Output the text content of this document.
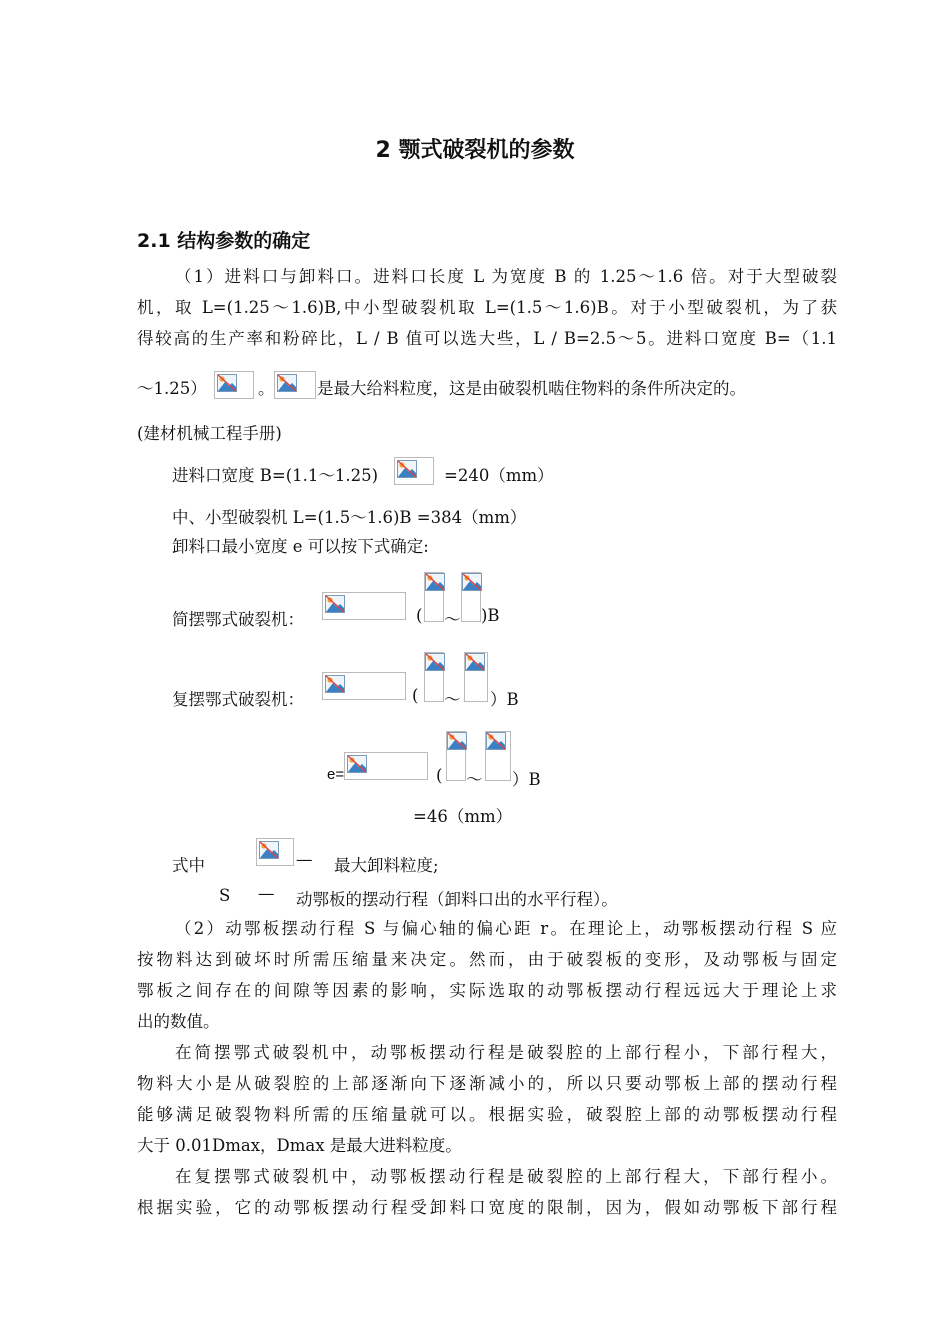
2 颚式破裂机的参数
2.1 结构参数的确定
（1）进料口与卸料口。进料口长度 L 为宽度 B 的 1.25～1.6 倍。对于大型破裂
机，取 L=(1.25～1.6)B,中小型破裂机取 L=(1.5～1.6)B。对于小型破裂机，为了获
得较高的生产率和粉碎比，L / B 值可以选大些，L / B=2.5～5。进料口宽度 B=（1.1
～1.25）	。	是最大给料粒度，这是由破裂机啮住物料的条件所决定的。
(建材机械工程手册)
进料口宽度 B=(1.1～1.25)	=240（mm）
中、小型破裂机 L=(1.5～1.6)B =384（mm）
卸料口最小宽度 e 可以按下式确定:
简摆鄂式破裂机：	( ～ )B
复摆鄂式破裂机：	( ～ ）B
e=	( ～ ）B
=46（mm）
式中	— 最大卸料粒度;
S — 动鄂板的摆动行程（卸料口出的水平行程）。
（2）动鄂板摆动行程 S 与偏心轴的偏心距 r。在理论上，动鄂板摆动行程 S 应
按物料达到破坏时所需压缩量来决定。然而，由于破裂板的变形，及动鄂板与固定
鄂板之间存在的间隙等因素的影响，实际选取的动鄂板摆动行程远远大于理论上求
出的数值。
在简摆鄂式破裂机中，动鄂板摆动行程是破裂腔的上部行程小，下部行程大，
物料大小是从破裂腔的上部逐渐向下逐渐减小的，所以只要动鄂板上部的摆动行程
能够满足破裂物料所需的压缩量就可以。根据实验，破裂腔上部的动鄂板摆动行程
大于 0.01Dmax，Dmax 是最大进料粒度。
在复摆鄂式破裂机中，动鄂板摆动行程是破裂腔的上部行程大，下部行程小。
根据实验，它的动鄂板摆动行程受卸料口宽度的限制，因为，假如动鄂板下部行程
